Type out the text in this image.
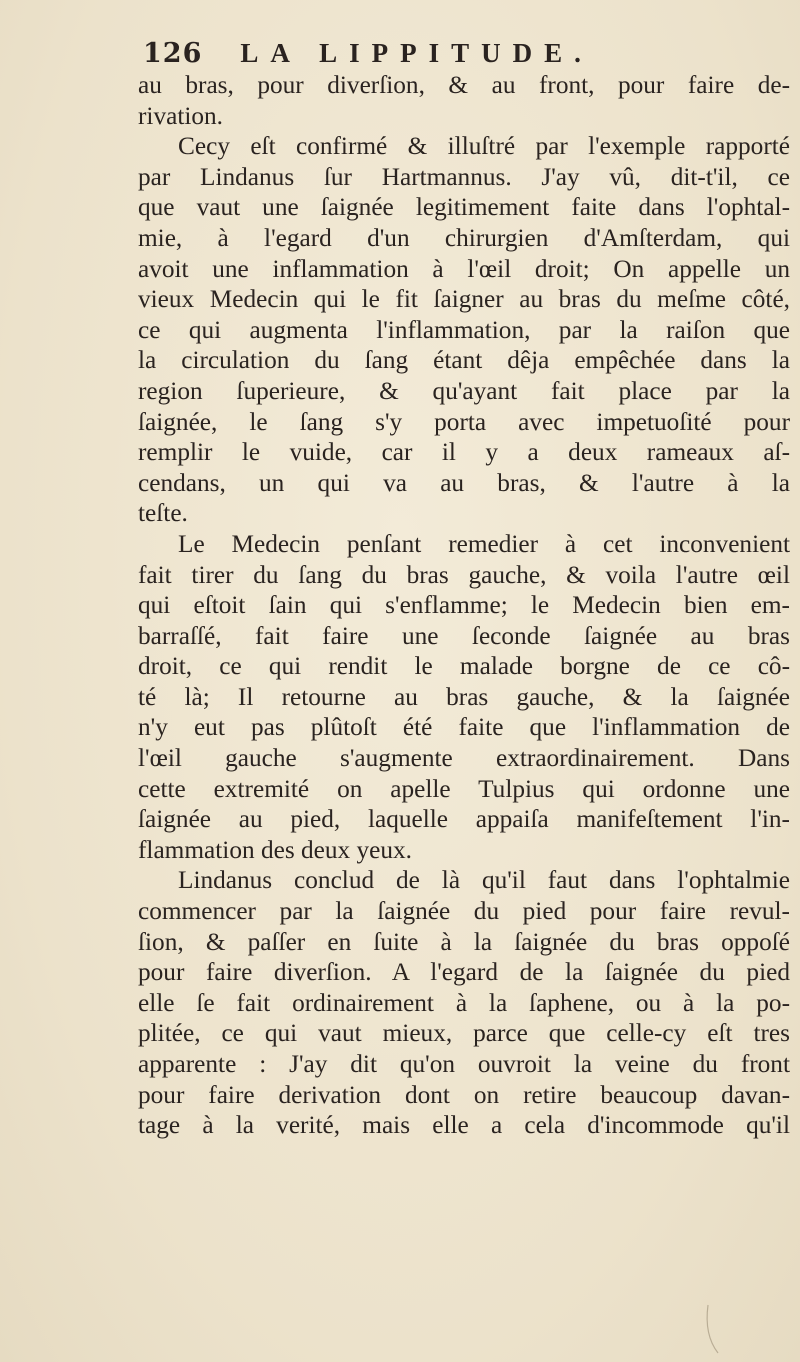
126 LA LIPPITUDE.
au bras, pour diverſion, & au front, pour faire de-
rivation.
Cecy eſt confirmé & illuſtré par l'exemple rapporté
par Lindanus ſur Hartmannus. J'ay vû, dit-t'il, ce
que vaut une ſaignée legitimement faite dans l'ophtal-
mie, à l'egard d'un chirurgien d'Amſterdam, qui
avoit une inflammation à l'œil droit; On appelle un
vieux Medecin qui le fit ſaigner au bras du meſme côté,
ce qui augmenta l'inflammation, par la raiſon que
la circulation du ſang étant dêja empêchée dans la
region ſuperieure, & qu'ayant fait place par la
ſaignée, le ſang s'y porta avec impetuoſité pour
remplir le vuide, car il y a deux rameaux aſ-
cendans, un qui va au bras, & l'autre à la
teſte.
Le Medecin penſant remedier à cet inconvenient
fait tirer du ſang du bras gauche, & voila l'autre œil
qui eſtoit ſain qui s'enflamme; le Medecin bien em-
barraſſé, fait faire une ſeconde ſaignée au bras
droit, ce qui rendit le malade borgne de ce cô-
té là; Il retourne au bras gauche, & la ſaignée
n'y eut pas plûtoſt été faite que l'inflammation de
l'œil gauche s'augmente extraordinairement. Dans
cette extremité on apelle Tulpius qui ordonne une
ſaignée au pied, laquelle appaiſa manifeſtement l'in-
flammation des deux yeux.
Lindanus conclud de là qu'il faut dans l'ophtalmie
commencer par la ſaignée du pied pour faire revul-
ſion, & paſſer en ſuite à la ſaignée du bras oppoſé
pour faire diverſion. A l'egard de la ſaignée du pied
elle ſe fait ordinairement à la ſaphene, ou à la po-
plitée, ce qui vaut mieux, parce que celle-cy eſt tres
apparente : J'ay dit qu'on ouvroit la veine du front
pour faire derivation dont on retire beaucoup davan-
tage à la verité, mais elle a cela d'incommode qu'il
